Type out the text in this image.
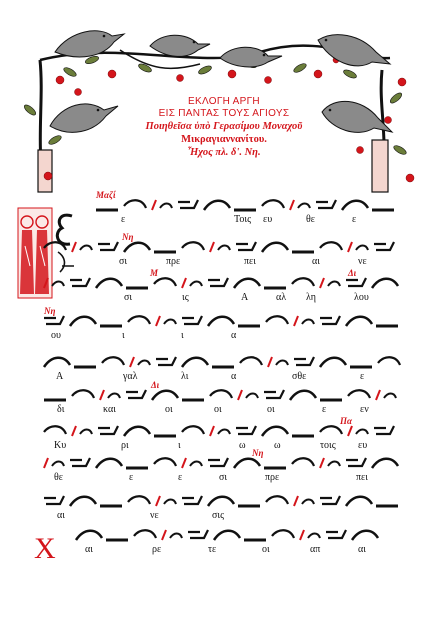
ΕΚΛΟΓΗ ΑΡΓΗ
ΕΙΣ ΠΑΝΤΑΣ ΤΟΥΣ ΑΓΙΟΥΣ
Ποιηθεῖσα ὑπὸ Γερασίμου Μοναχοῦ
Μικραγιαννανίτου.
Ἦχος πλ. δ'. Νη.
Χ
ε	Τοις ευ	θε	ε
Μαζί
σι	πρε	πει	αι	νε
Νη
σι	ις	Α	αλ λη	λου
Μ	Δι
ου	ι	ι	α
Νη
Α	γαλ	λι	α	σθε	ε
δι	και	οι	οι	οι	ε	εν
Δι
Κυ	ρι	ι	ω	ω	τοις ευ
Πα
θε	ε	ε	σι	πρε	πει
Νη
αι	νε	σις
αι	ρε	τε	οι	απ	αι
